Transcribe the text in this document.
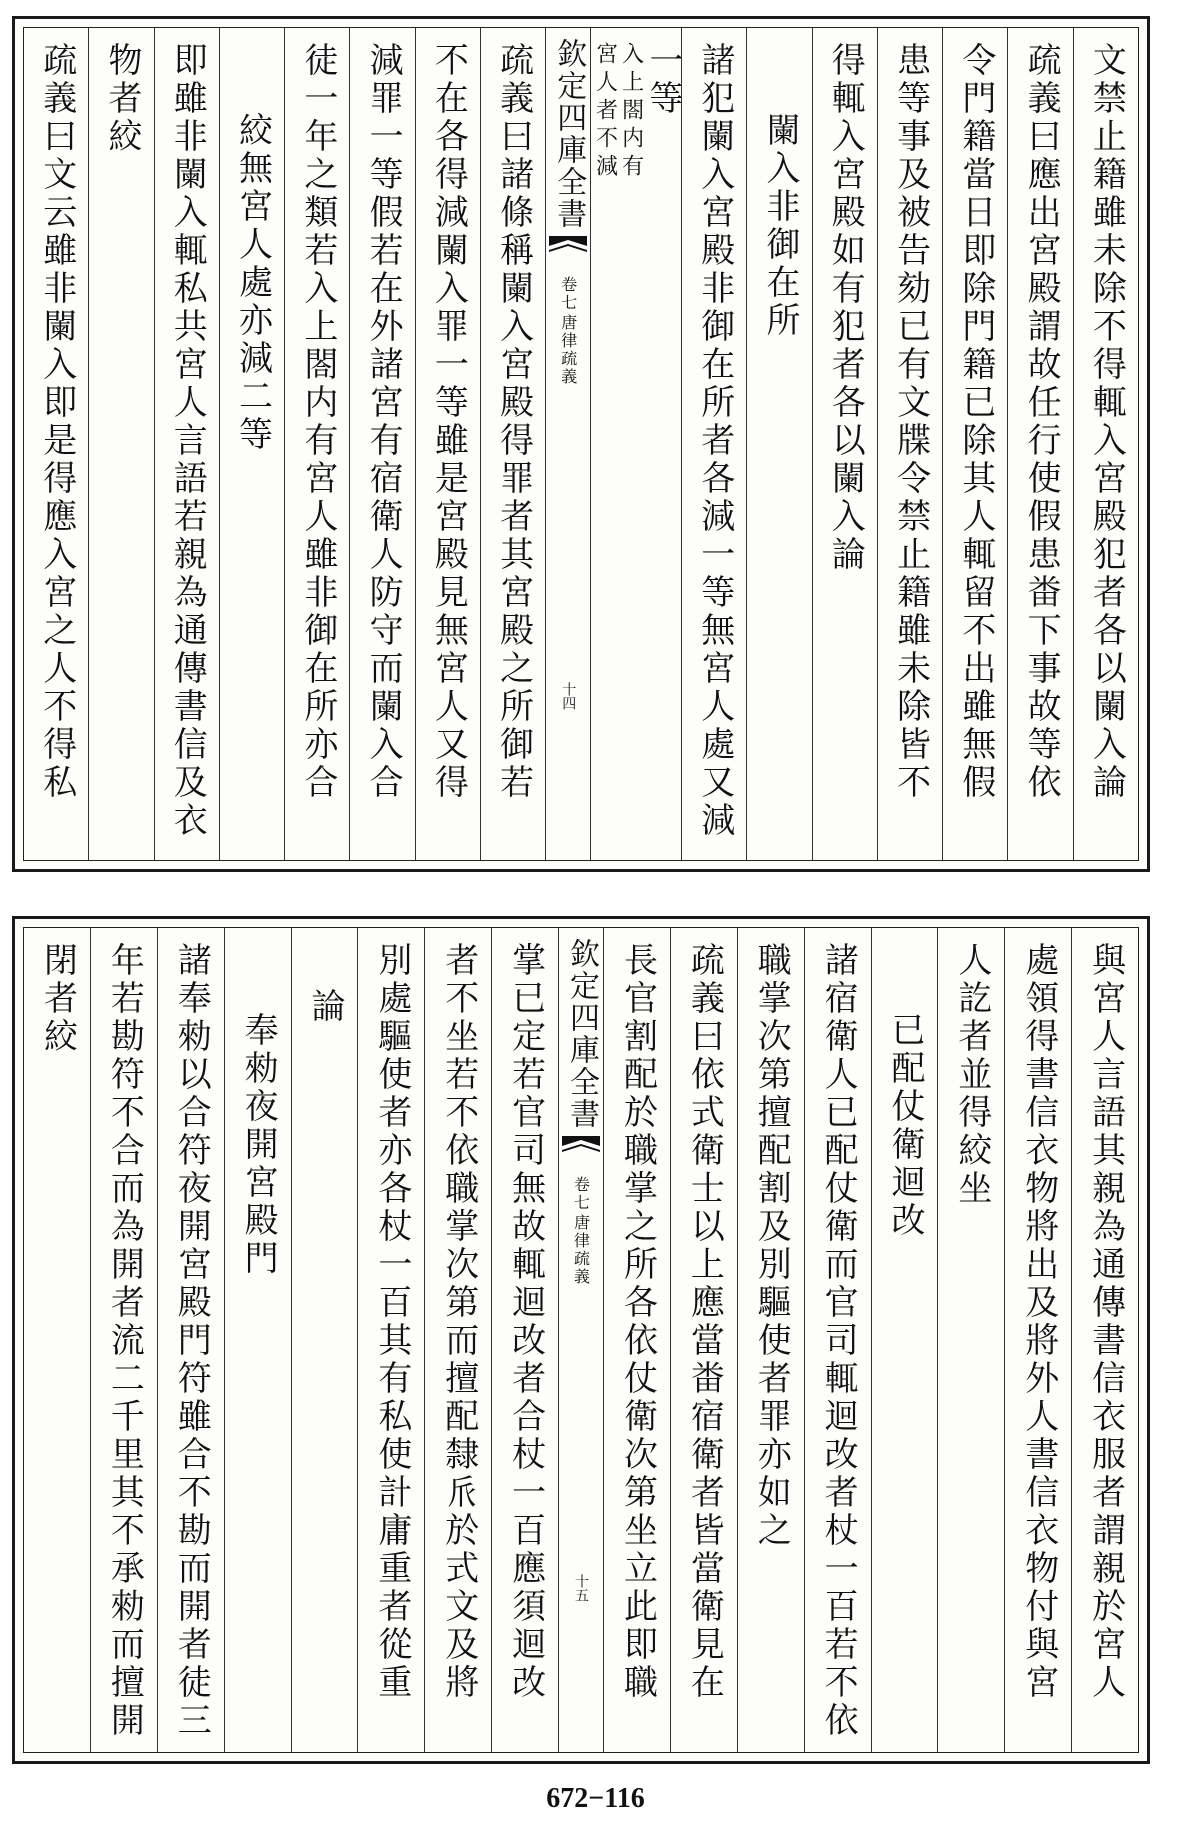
文禁止籍雖未除不得輒入宮殿犯者各以闌入論
疏義曰應出宮殿謂故任行使假患畨下事故等依
令門籍當日即除門籍已除其人輒留不出雖無假
患等事及被告劾已有文牒令禁止籍雖未除皆不
得輒入宮殿如有犯者各以闌入論
闌入非御在所
諸犯闌入宮殿非御在所者各減一等無宮人處又減
一等
入上閤内有
宮人者不減
欽定四庫全書
唐律疏義
卷七
十四
疏義曰諸條稱闌入宮殿得罪者其宮殿之所御若
不在各得減闌入罪一等雖是宮殿見無宮人又得
減罪一等假若在外諸宮有宿衛人防守而闌入合
徒一年之類若入上閤内有宮人雖非御在所亦合
絞無宮人處亦減二等
即雖非闌入輒私共宮人言語若親為通傳書信及衣
物者絞
疏義曰文云雖非闌入即是得應入宮之人不得私
與宮人言語其親為通傳書信衣服者謂親於宮人
處領得書信衣物將出及將外人書信衣物付與宮
人訖者並得絞坐
已配仗衛迴改
諸宿衛人已配仗衛而官司輒迴改者杖一百若不依
職掌次第擅配割及別驅使者罪亦如之
疏義曰依式衛士以上應當畨宿衛者皆當衛見在
長官割配於職掌之所各依仗衛次第坐立此即職
欽定四庫全書
唐律疏義
卷七
十五
掌已定若官司無故輒迴改者合杖一百應須迴改
者不坐若不依職掌次第而擅配隸𠂢於式文及將
別處驅使者亦各杖一百其有私使計庸重者從重
論
奉勑夜開宮殿門
諸奉勑以合符夜開宮殿門符雖合不勘而開者徒三
年若勘符不合而為開者流二千里其不承勑而擅開
閉者絞
672−116
